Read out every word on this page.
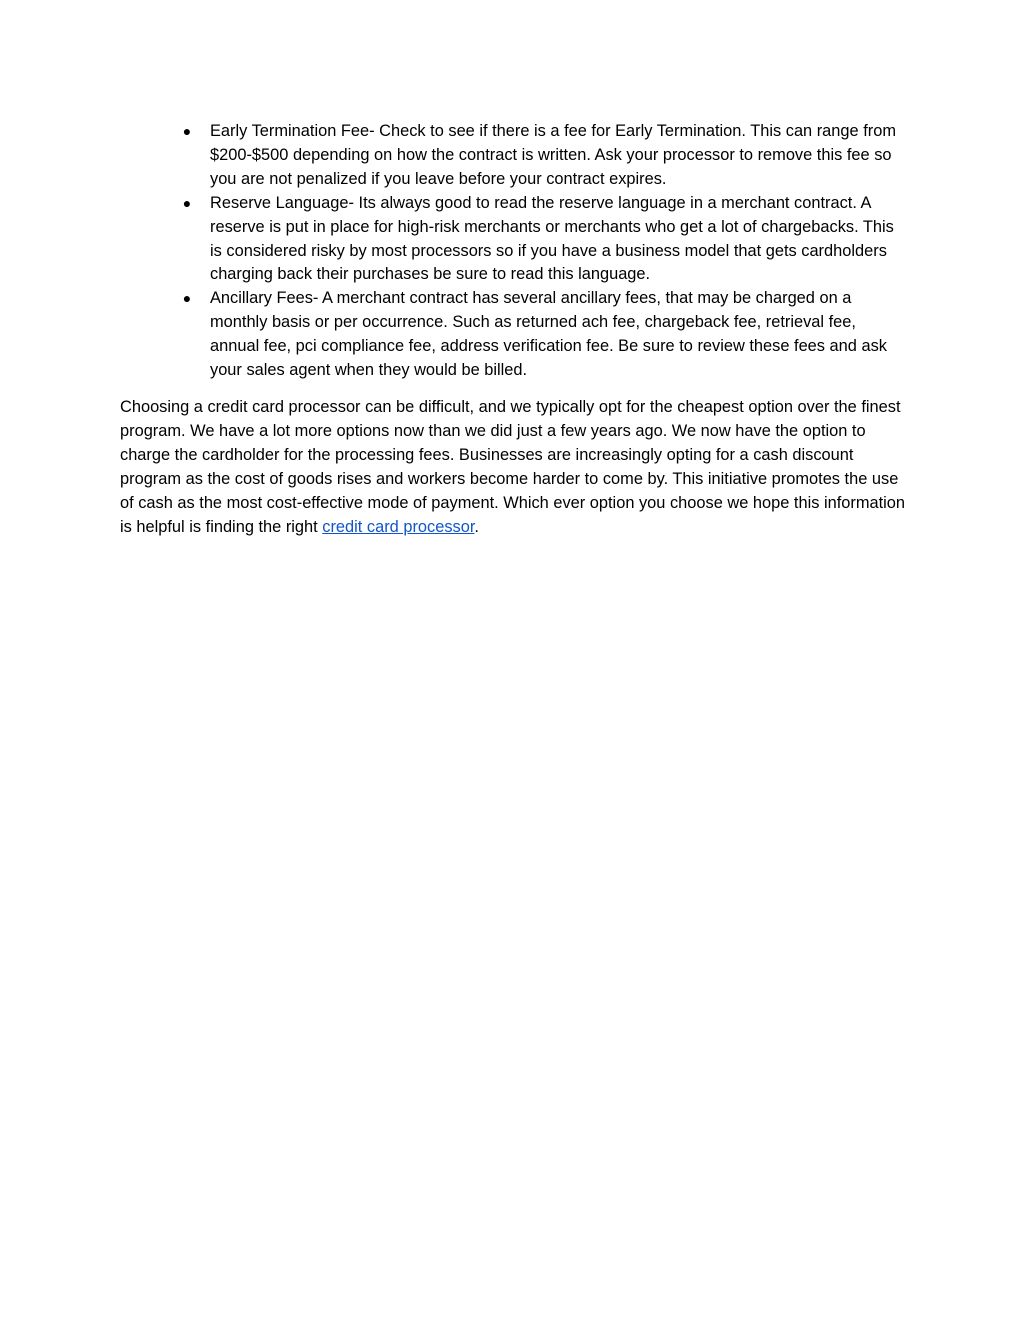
● Early Termination Fee- Check to see if there is a fee for Early Termination. This can range from $200-$500 depending on how the contract is written. Ask your processor to remove this fee so you are not penalized if you leave before your contract expires.
● Reserve Language- Its always good to read the reserve language in a merchant contract. A reserve is put in place for high-risk merchants or merchants who get a lot of chargebacks. This is considered risky by most processors so if you have a business model that gets cardholders charging back their purchases be sure to read this language.
● Ancillary Fees- A merchant contract has several ancillary fees, that may be charged on a monthly basis or per occurrence. Such as returned ach fee, chargeback fee, retrieval fee, annual fee, pci compliance fee, address verification fee. Be sure to review these fees and ask your sales agent when they would be billed.

Choosing a credit card processor can be difficult, and we typically opt for the cheapest option over the finest program. We have a lot more options now than we did just a few years ago. We now have the option to charge the cardholder for the processing fees. Businesses are increasingly opting for a cash discount program as the cost of goods rises and workers become harder to come by. This initiative promotes the use of cash as the most cost-effective mode of payment. Which ever option you choose we hope this information is helpful is finding the right credit card processor.
